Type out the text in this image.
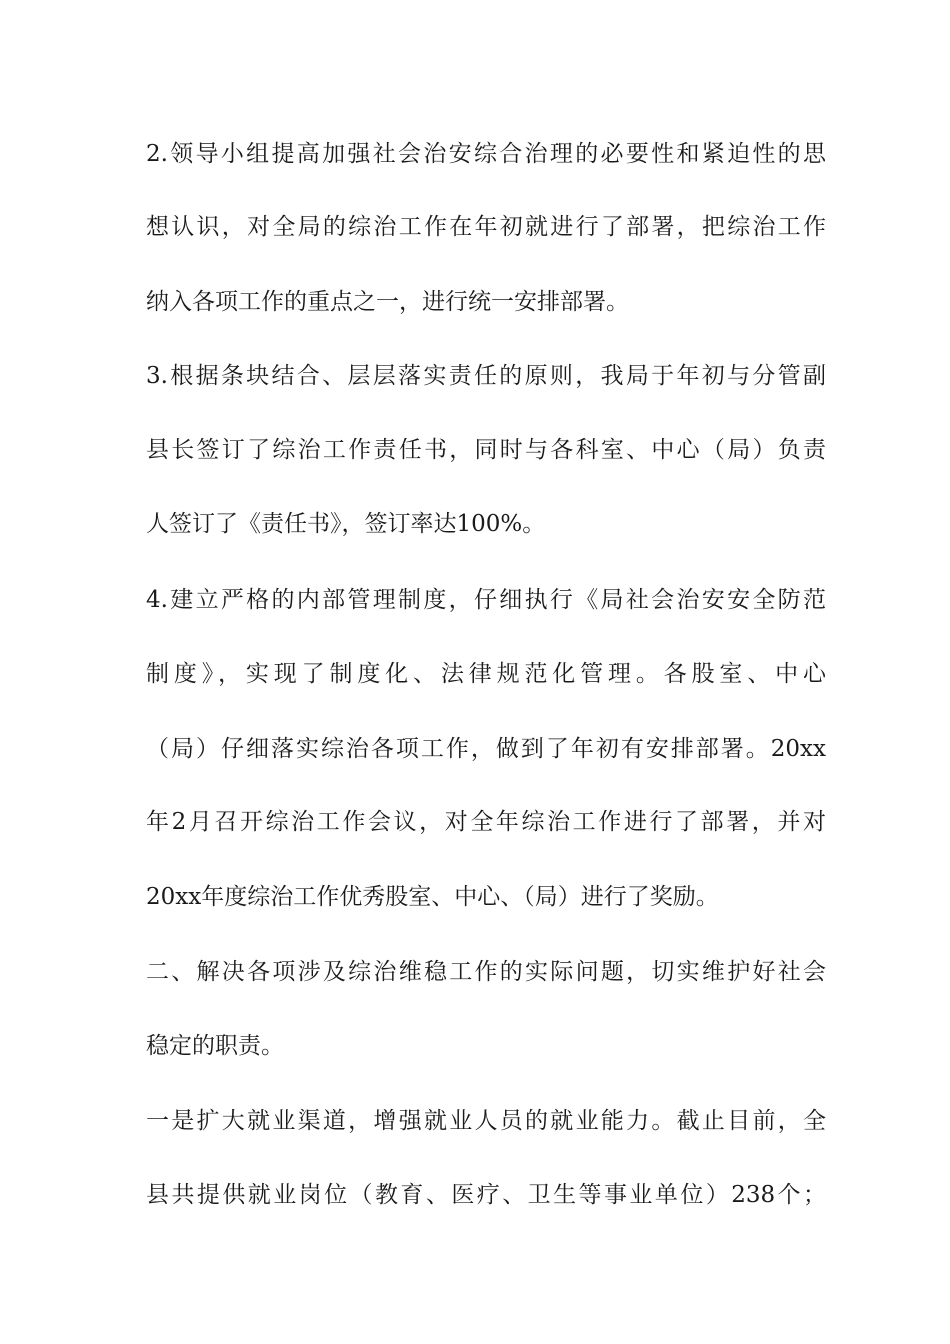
2.领导小组提高加强社会治安综合治理的必要性和紧迫性的思
想认识，对全局的综治工作在年初就进行了部署，把综治工作
纳入各项工作的重点之一，进行统一安排部署。
3.根据条块结合、层层落实责任的原则，我局于年初与分管副
县长签订了综治工作责任书，同时与各科室、中心（局）负责
人签订了《责任书》，签订率达100%。
4.建立严格的内部管理制度，仔细执行《局社会治安安全防范
制度》，实现了制度化、法律规范化管理。各股室、中心
（局）仔细落实综治各项工作，做到了年初有安排部署。20xx
年2月召开综治工作会议，对全年综治工作进行了部署，并对
20xx年度综治工作优秀股室、中心、（局）进行了奖励。
二、解决各项涉及综治维稳工作的实际问题，切实维护好社会
稳定的职责。
一是扩大就业渠道，增强就业人员的就业能力。截止目前，全
县共提供就业岗位（教育、医疗、卫生等事业单位）238个；
